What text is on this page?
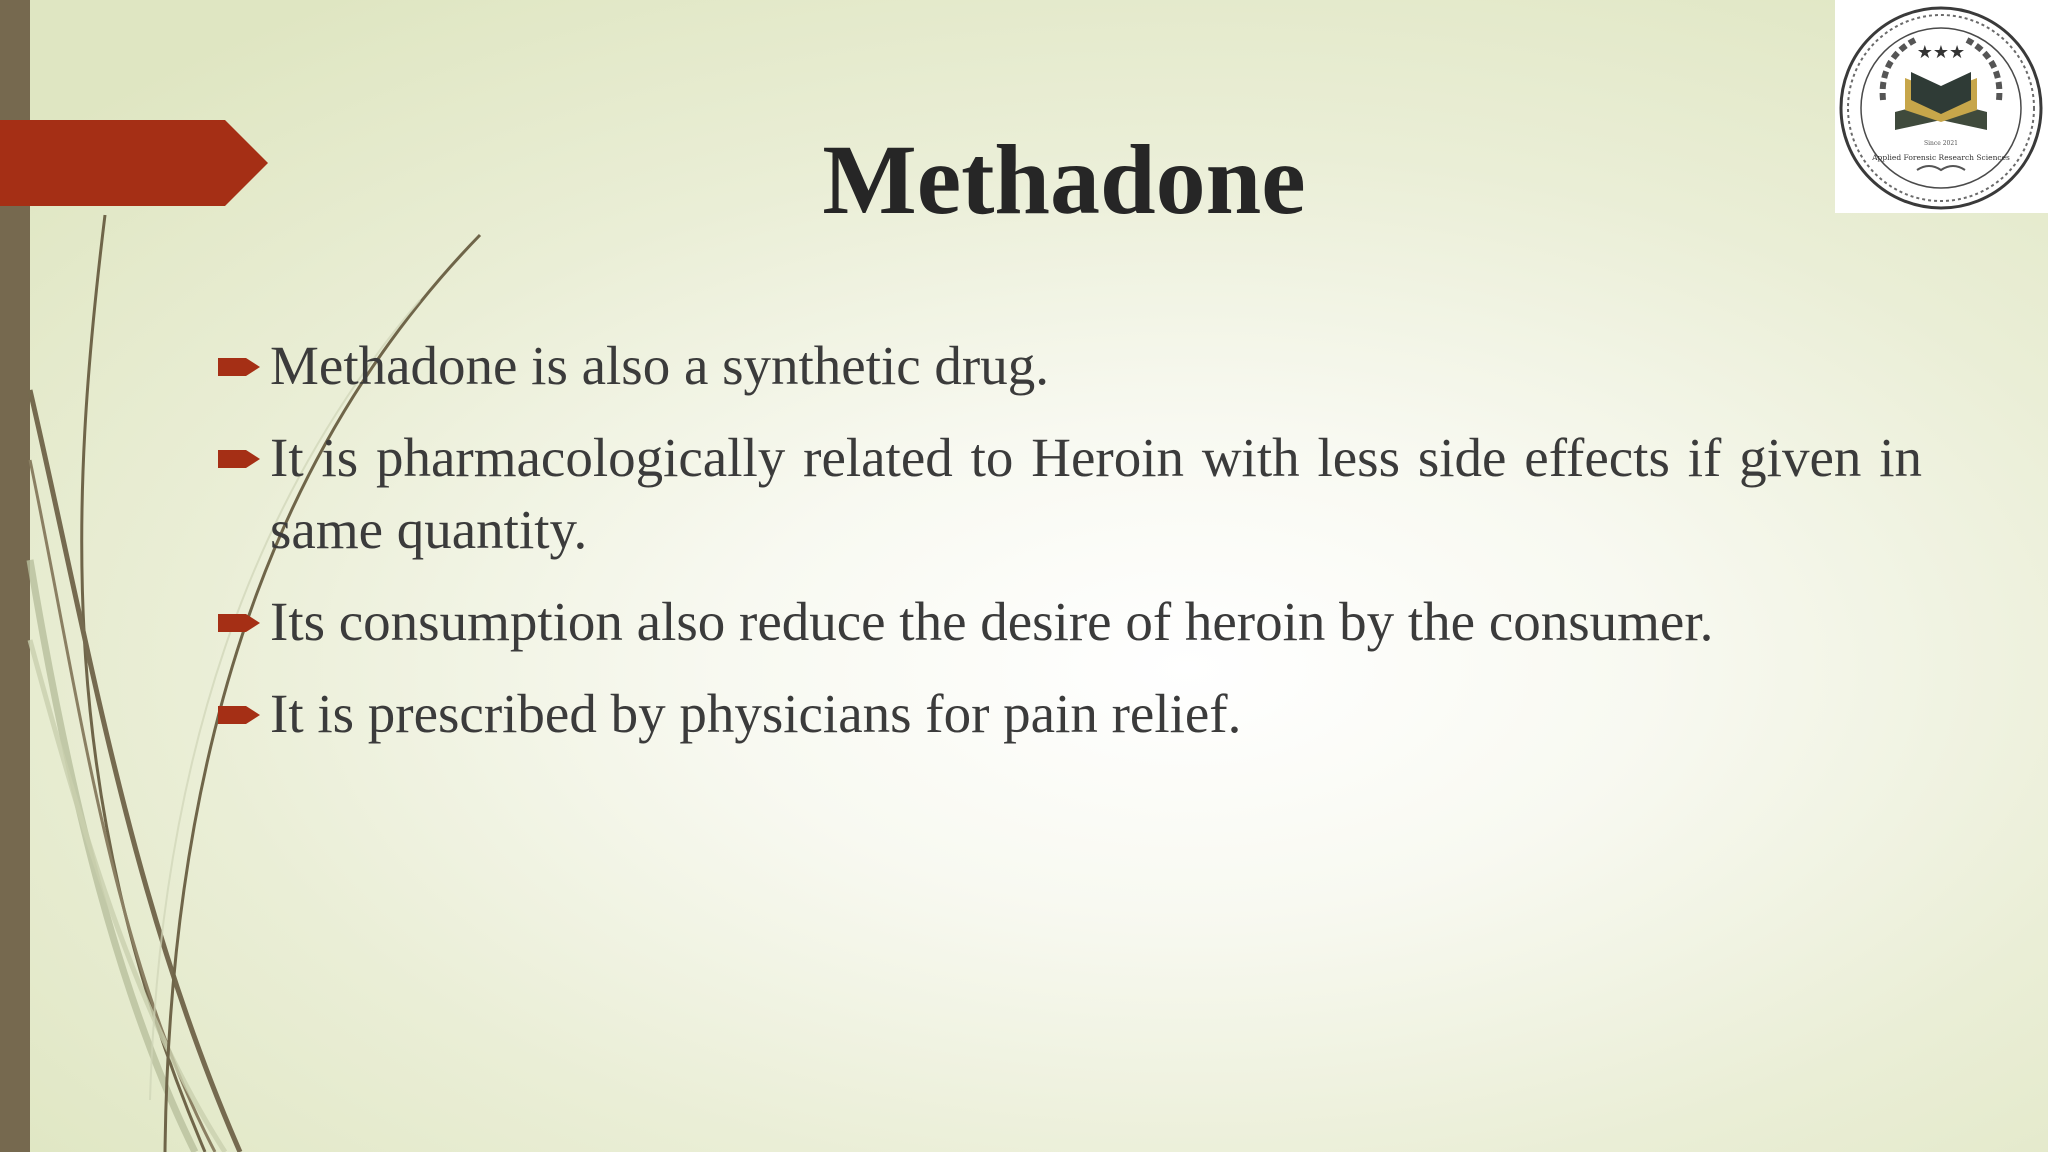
★★★
Since 2021
Applied Forensic Research Sciences
Methadone
Methadone is also a synthetic drug.
It is pharmacologically related to Heroin with less side effects if given in same quantity.
Its consumption also reduce the desire of heroin by the consumer.
It is prescribed by physicians for pain relief.
